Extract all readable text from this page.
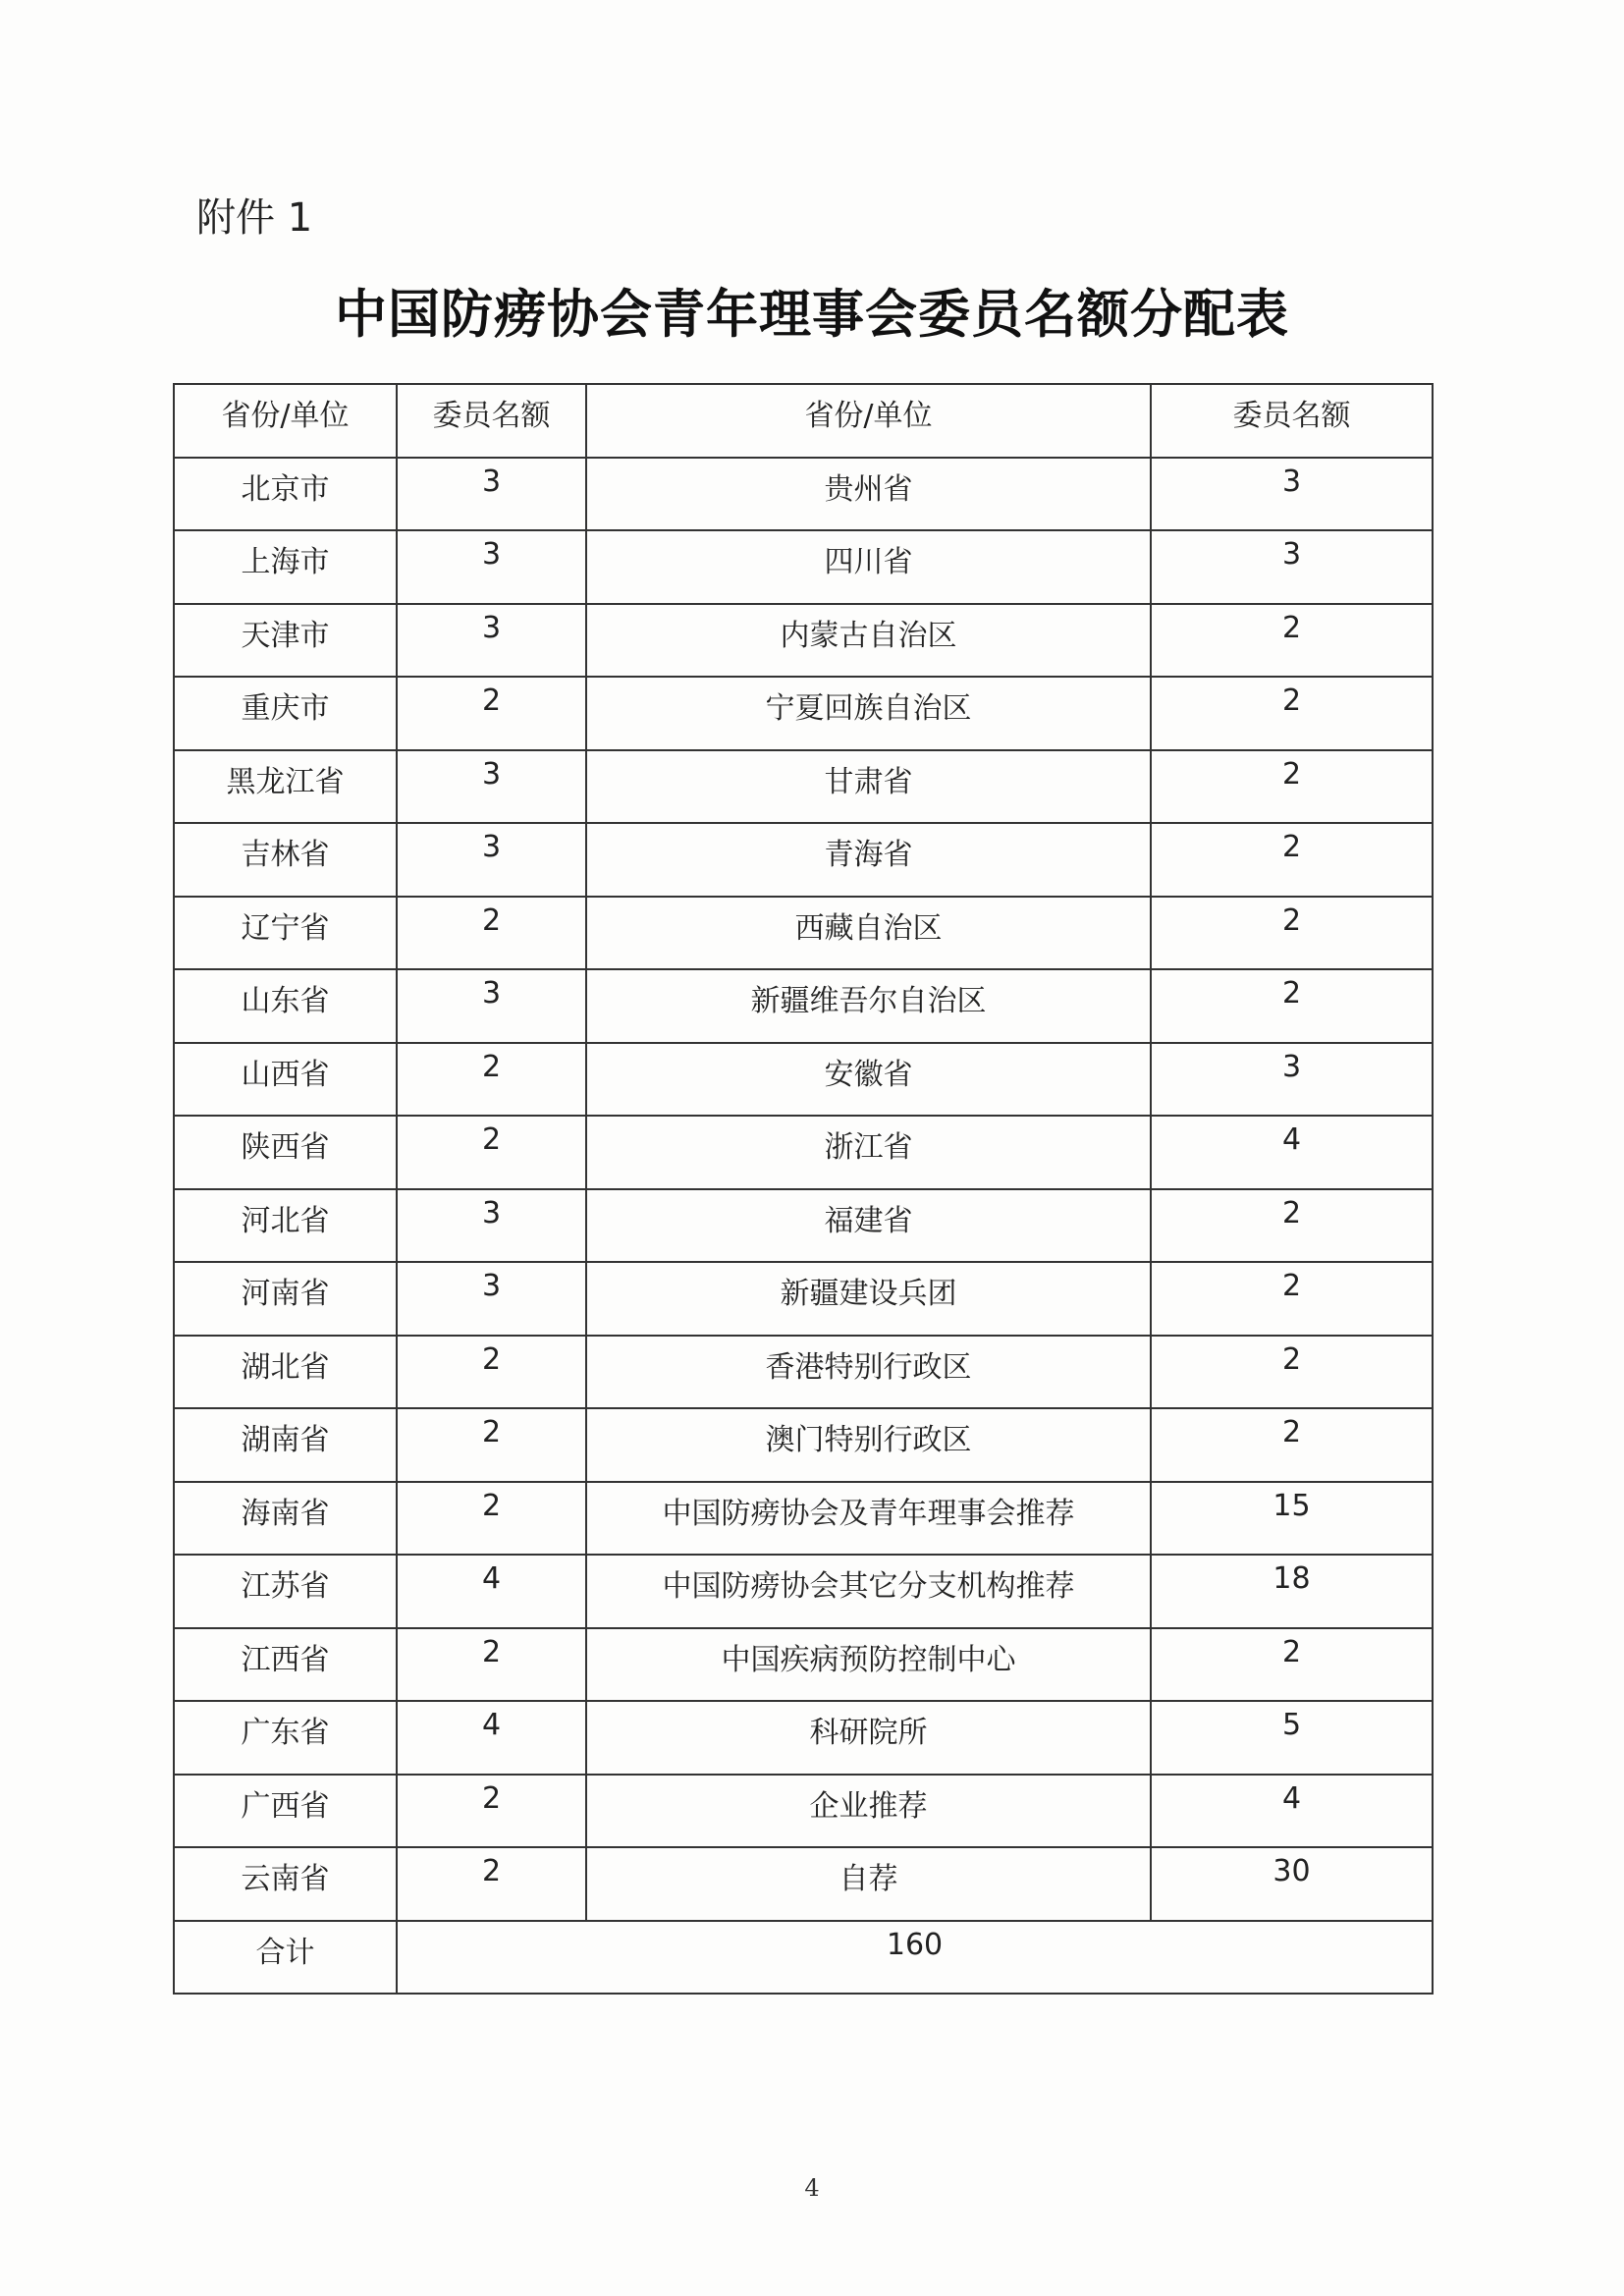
附件 1
中国防痨协会青年理事会委员名额分配表
省份/单位	委员名额	省份/单位	委员名额
北京市	3	贵州省	3
上海市	3	四川省	3
天津市	3	内蒙古自治区	2
重庆市	2	宁夏回族自治区	2
黑龙江省	3	甘肃省	2
吉林省	3	青海省	2
辽宁省	2	西藏自治区	2
山东省	3	新疆维吾尔自治区	2
山西省	2	安徽省	3
陕西省	2	浙江省	4
河北省	3	福建省	2
河南省	3	新疆建设兵团	2
湖北省	2	香港特别行政区	2
湖南省	2	澳门特别行政区	2
海南省	2	中国防痨协会及青年理事会推荐	15
江苏省	4	中国防痨协会其它分支机构推荐	18
江西省	2	中国疾病预防控制中心	2
广东省	4	科研院所	5
广西省	2	企业推荐	4
云南省	2	自荐	30
合计	160		
4
